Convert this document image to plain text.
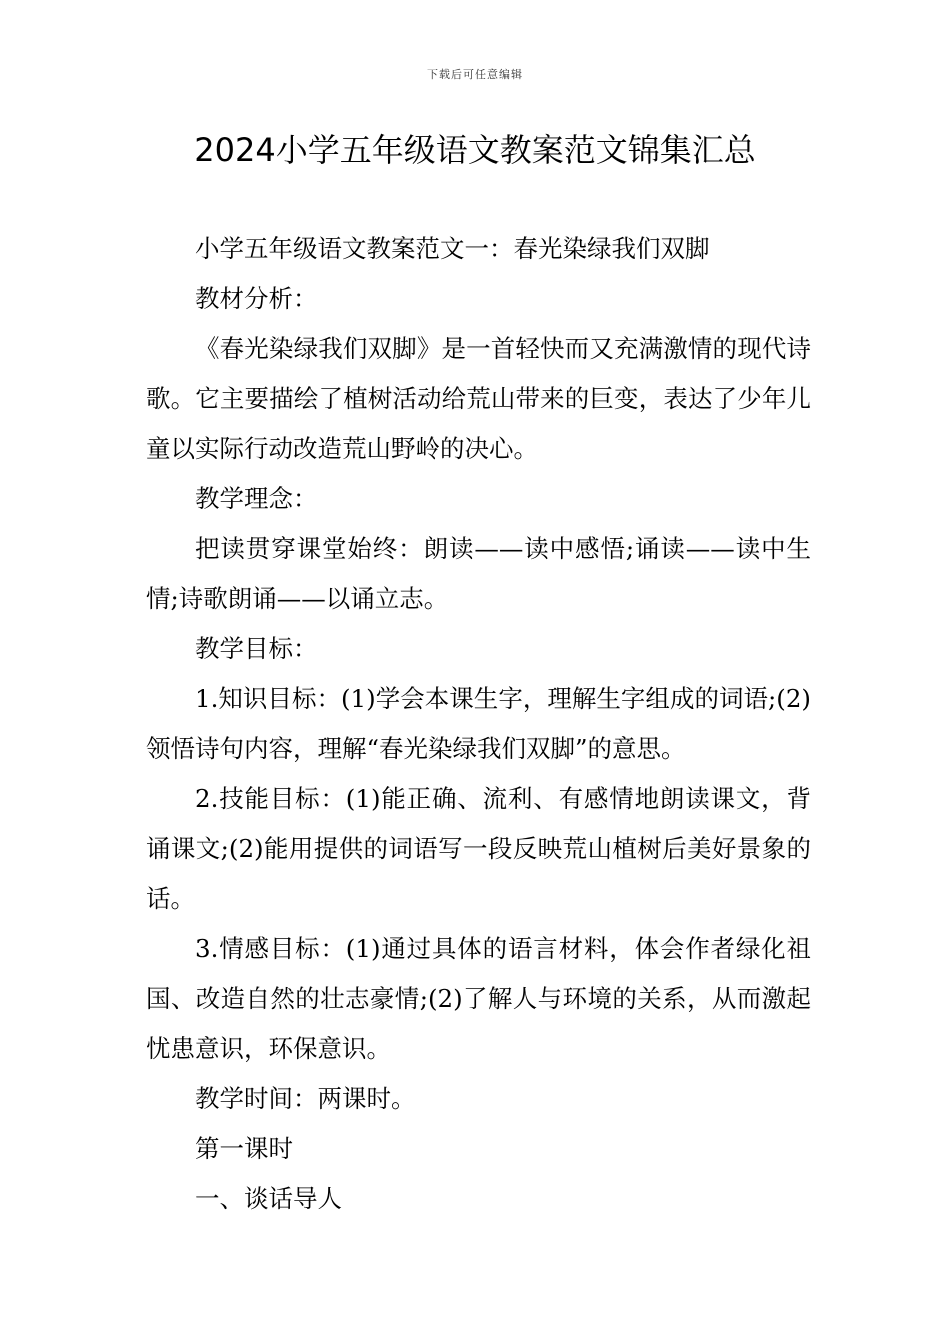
下载后可任意编辑
2024小学五年级语文教案范文锦集汇总

小学五年级语文教案范文一：春光染绿我们双脚

教材分析：

《春光染绿我们双脚》是一首轻快而又充满激情的现代诗歌。它主要描绘了植树活动给荒山带来的巨变，表达了少年儿童以实际行动改造荒山野岭的决心。

教学理念：

把读贯穿课堂始终：朗读——读中感悟;诵读——读中生情;诗歌朗诵——以诵立志。

教学目标：

1.知识目标：(1)学会本课生字，理解生字组成的词语;(2)领悟诗句内容，理解“春光染绿我们双脚”的意思。

2.技能目标：(1)能正确、流利、有感情地朗读课文，背诵课文;(2)能用提供的词语写一段反映荒山植树后美好景象的话。

3.情感目标：(1)通过具体的语言材料，体会作者绿化祖国、改造自然的壮志豪情;(2)了解人与环境的关系，从而激起忧患意识，环保意识。

教学时间：两课时。

第一课时

一、谈话导人
